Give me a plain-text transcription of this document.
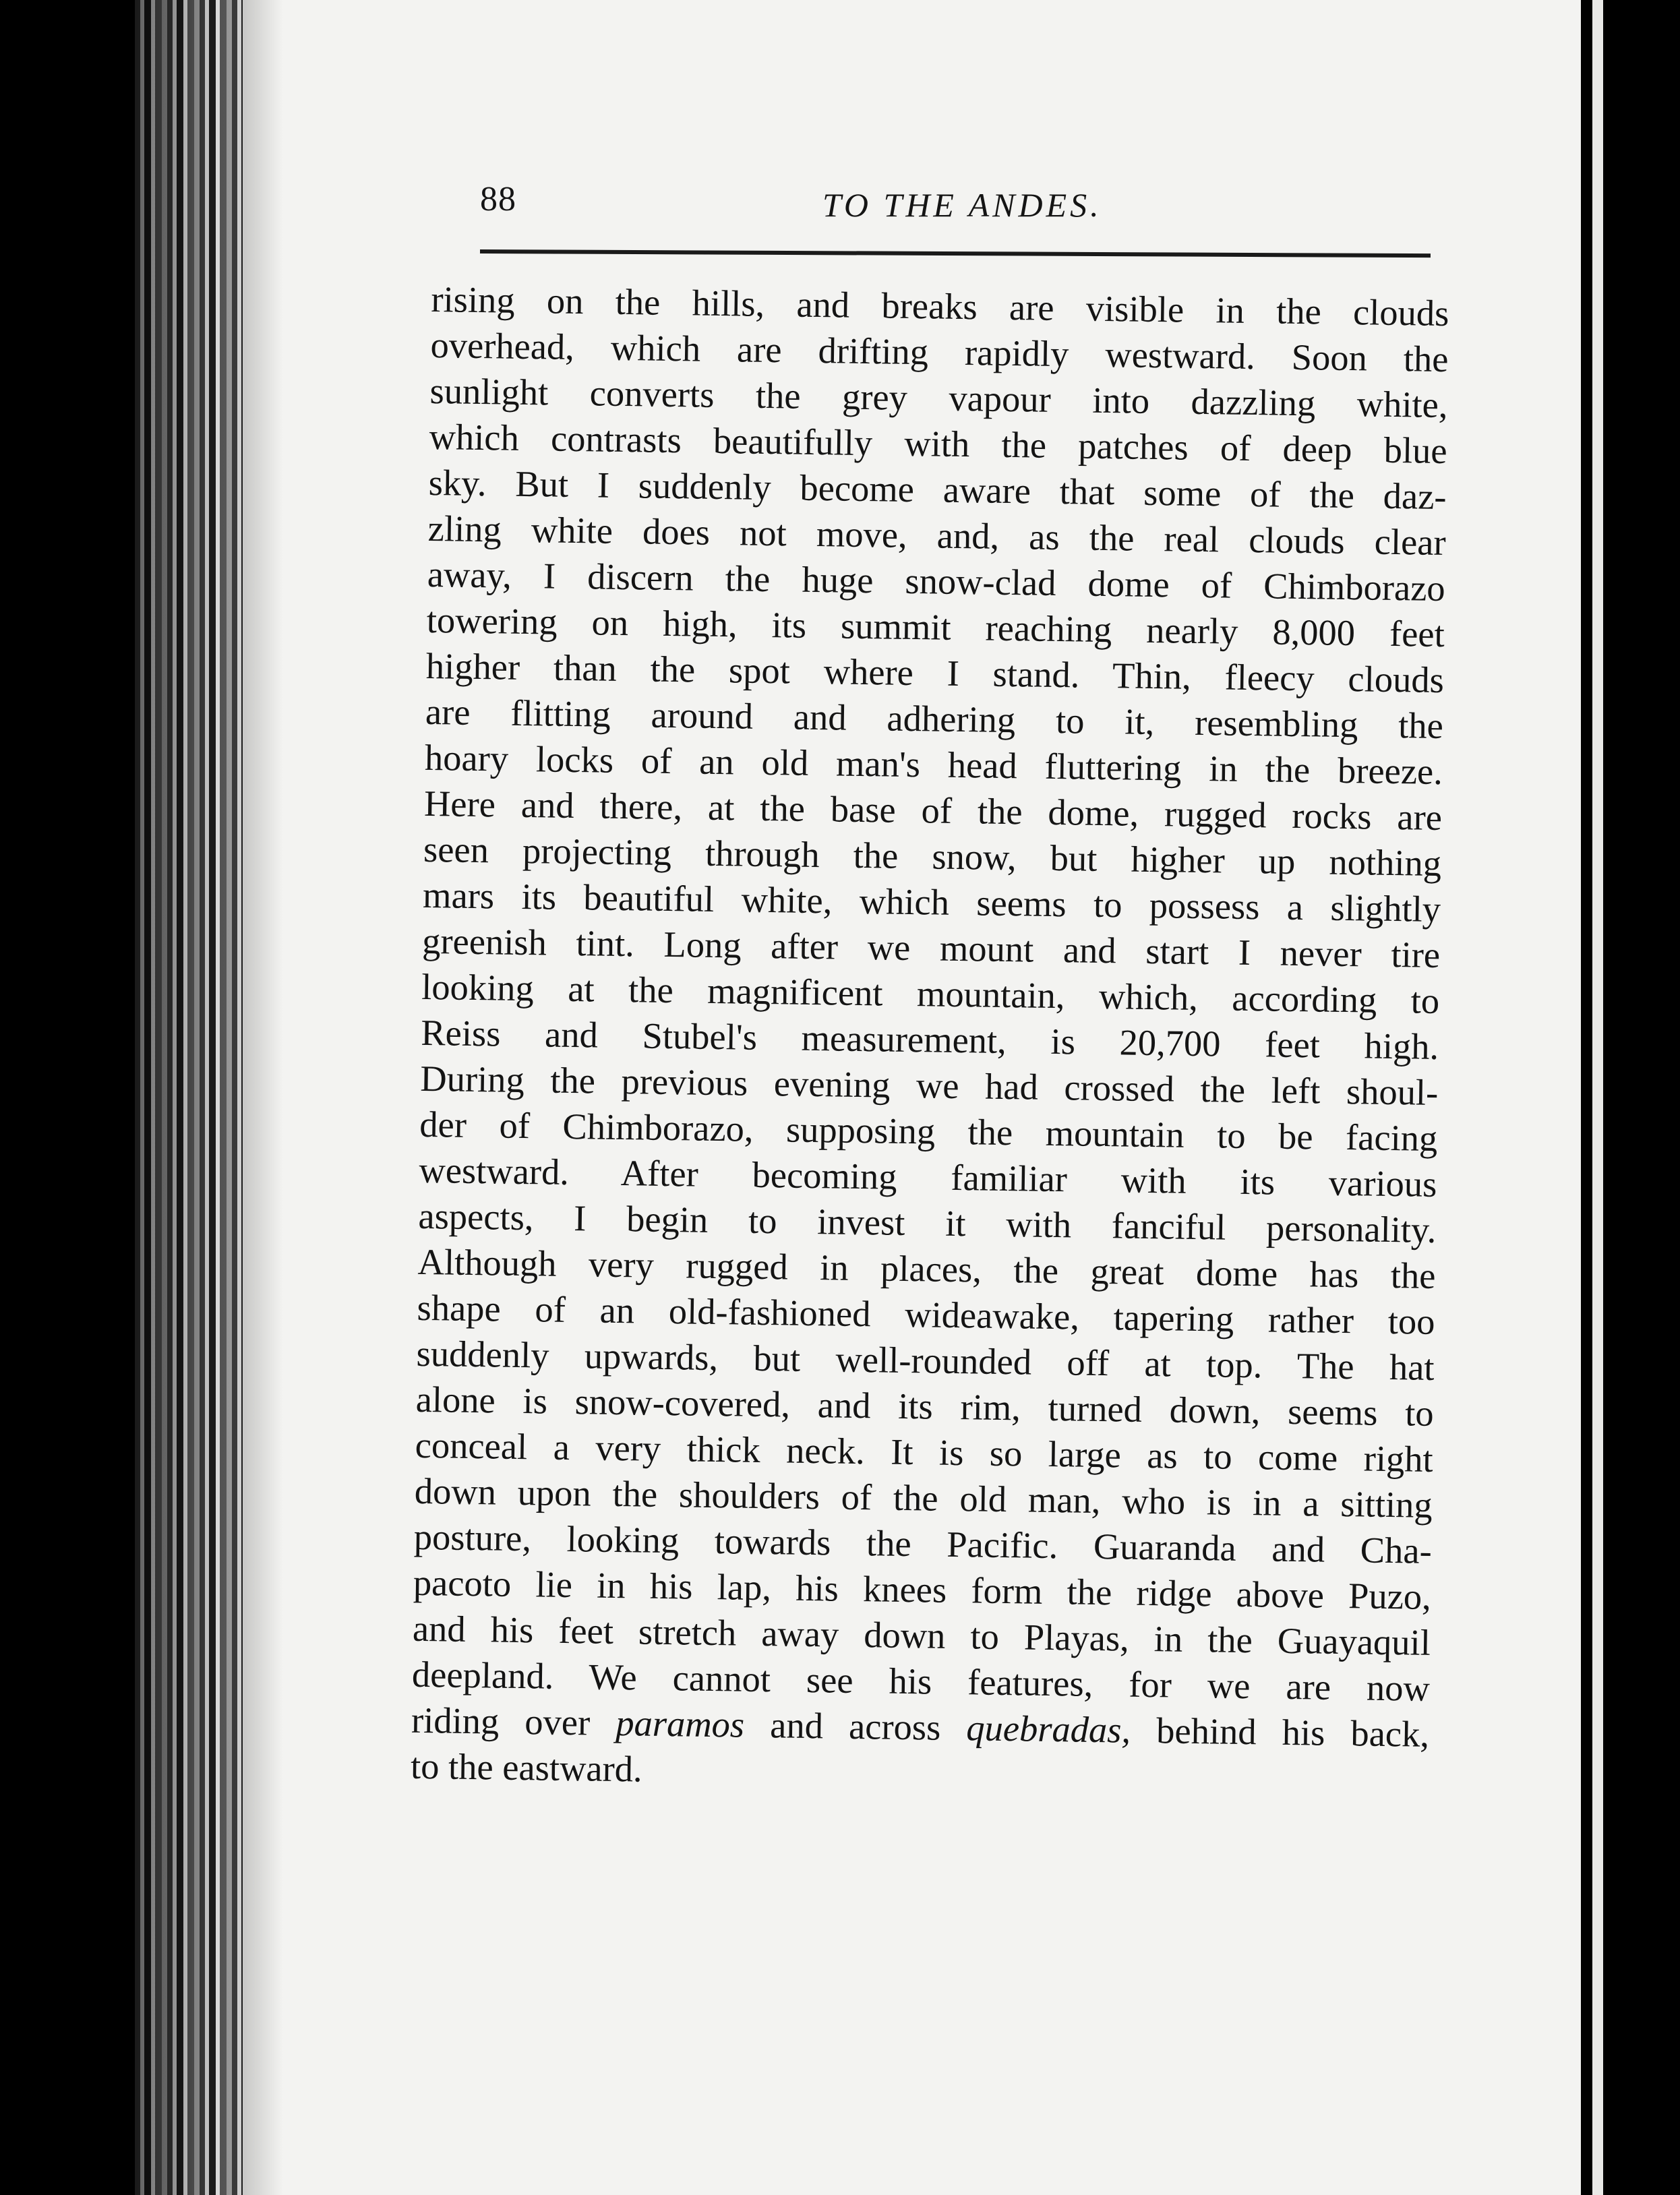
88	TO THE ANDES.
rising on the hills, and breaks are visible in the clouds
overhead, which are drifting rapidly westward. Soon the
sunlight converts the grey vapour into dazzling white,
which contrasts beautifully with the patches of deep blue
sky. But I suddenly become aware that some of the daz-
zling white does not move, and, as the real clouds clear
away, I discern the huge snow-clad dome of Chimborazo
towering on high, its summit reaching nearly 8,000 feet
higher than the spot where I stand. Thin, fleecy clouds
are flitting around and adhering to it, resembling the
hoary locks of an old man's head fluttering in the breeze.
Here and there, at the base of the dome, rugged rocks are
seen projecting through the snow, but higher up nothing
mars its beautiful white, which seems to possess a slightly
greenish tint. Long after we mount and start I never tire
looking at the magnificent mountain, which, according to
Reiss and Stubel's measurement, is 20,700 feet high.
During the previous evening we had crossed the left shoul-
der of Chimborazo, supposing the mountain to be facing
westward. After becoming familiar with its various
aspects, I begin to invest it with fanciful personality.
Although very rugged in places, the great dome has the
shape of an old-fashioned wideawake, tapering rather too
suddenly upwards, but well-rounded off at top. The hat
alone is snow-covered, and its rim, turned down, seems to
conceal a very thick neck. It is so large as to come right
down upon the shoulders of the old man, who is in a sitting
posture, looking towards the Pacific. Guaranda and Cha-
pacoto lie in his lap, his knees form the ridge above Puzo,
and his feet stretch away down to Playas, in the Guayaquil
deepland. We cannot see his features, for we are now
riding over paramos and across quebradas, behind his back,
to the eastward.
